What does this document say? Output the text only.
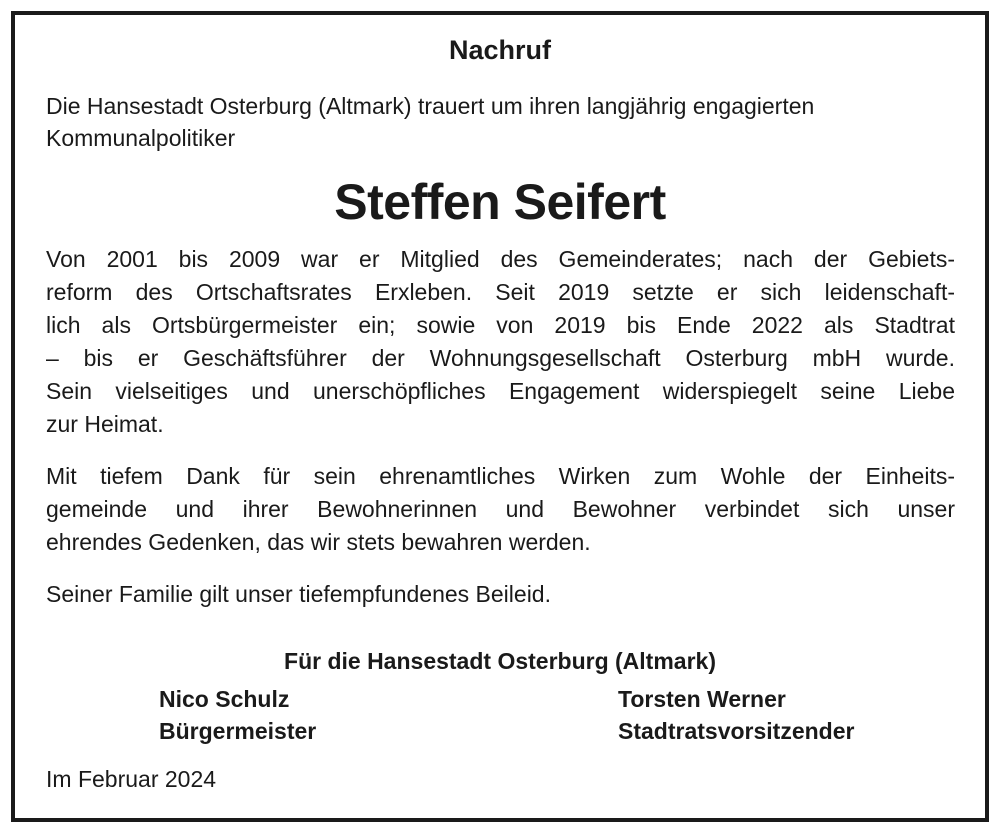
Nachruf

Die Hansestadt Osterburg (Altmark) trauert um ihren langjährig engagierten

Kommunalpolitiker

Steffen Seifert

Von 2001 bis 2009 war er Mitglied des Gemeinderates; nach der Gebiets-

reform des Ortschaftsrates Erxleben. Seit 2019 setzte er sich leidenschaft-

lich als Ortsbürgermeister ein; sowie von 2019 bis Ende 2022 als Stadtrat

– bis er Geschäftsführer der Wohnungsgesellschaft Osterburg mbH wurde.

Sein vielseitiges und unerschöpfliches Engagement widerspiegelt seine Liebe

zur Heimat.

Mit tiefem Dank für sein ehrenamtliches Wirken zum Wohle der Einheits-

gemeinde und ihrer Bewohnerinnen und Bewohner verbindet sich unser

ehrendes Gedenken, das wir stets bewahren werden.

Seiner Familie gilt unser tiefempfundenes Beileid.

Für die Hansestadt Osterburg (Altmark)

Nico Schulz

Bürgermeister

Torsten Werner

Stadtratsvorsitzender

Im Februar 2024
